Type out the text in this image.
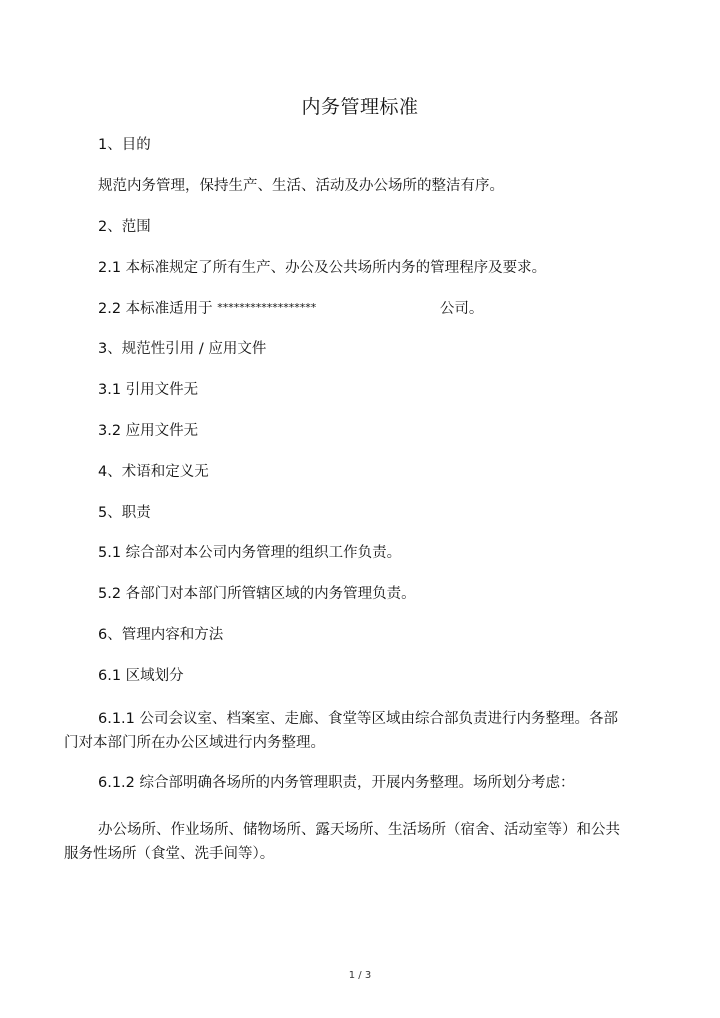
内务管理标准
1、目的
规范内务管理，保持生产、生活、活动及办公场所的整洁有序。
2、范围
2.1 本标准规定了所有生产、办公及公共场所内务的管理程序及要求。
2.2 本标准适用于 ******************	公司。
3、规范性引用 / 应用文件
3.1 引用文件无
3.2 应用文件无
4、术语和定义无
5、职责
5.1 综合部对本公司内务管理的组织工作负责。
5.2 各部门对本部门所管辖区域的内务管理负责。
6、管理内容和方法
6.1 区域划分
6.1.1 公司会议室、档案室、走廊、食堂等区域由综合部负责进行内务整理。各部门对本部门所在办公区域进行内务整理。
6.1.2 综合部明确各场所的内务管理职责，开展内务整理。场所划分考虑：
办公场所、作业场所、储物场所、露天场所、生活场所（宿舍、活动室等）和公共服务性场所（食堂、洗手间等）。
1 / 3
